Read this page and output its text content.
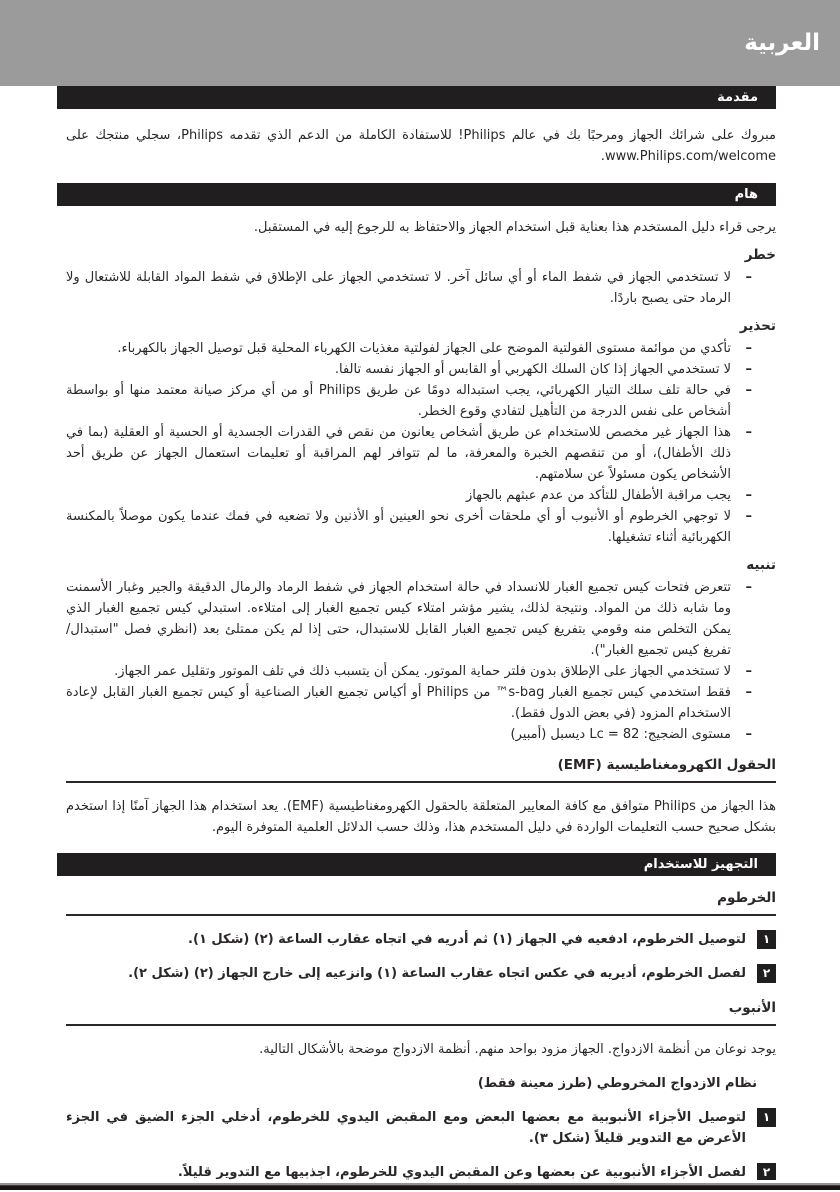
العربية
مقدمة

مبروك على شرائك الجهاز ومرحبًا بك في عالم Philips! للاستفادة الكاملة من الدعم الذي تقدمه Philips، سجلي منتجك على www.Philips.com/welcome.

هام

يرجى قراء دليل المستخدم هذا بعناية قبل استخدام الجهاز والاحتفاظ به للرجوع إليه في المستقبل.

خطر
– لا تستخدمي الجهاز في شفط الماء أو أي سائل آخر. لا تستخدمي الجهاز على الإطلاق في شفط المواد القابلة للاشتعال ولا الرماد حتى يصبح باردًا.
تحذير
– تأكدي من موائمة مستوى الفولتية الموضح على الجهاز لفولتية مغذيات الكهرباء المحلية قبل توصيل الجهاز بالكهرباء.
– لا تستخدمي الجهاز إذا كان السلك الكهربي أو القابس أو الجهاز نفسه تالفا.
– في حالة تلف سلك التيار الكهربائي، يجب استبداله دومًا عن طريق Philips أو من أي مركز صيانة معتمد منها أو بواسطة أشخاص على نفس الدرجة من التأهيل لتفادي وقوع الخطر.
– هذا الجهاز غير مخصص للاستخدام عن طريق أشخاص يعانون من نقص في القدرات الجسدية أو الحسية أو العقلية (بما في ذلك الأطفال)، أو من تنقصهم الخبرة والمعرفة، ما لم تتوافر لهم المراقبة أو تعليمات استعمال الجهاز عن طريق أحد الأشخاص يكون مسئولاً عن سلامتهم.
– يجب مراقبة الأطفال للتأكد من عدم عبثهم بالجهاز
– لا توجهي الخرطوم أو الأنبوب أو أي ملحقات أخرى نحو العينين أو الأذنين ولا تضعيه في فمك عندما يكون موصلاً بالمكنسة الكهربائية أثناء تشغيلها.
تنبيه
– تتعرض فتحات كيس تجميع الغبار للانسداد في حالة استخدام الجهاز في شفط الرماد والرمال الدقيقة والجير وغبار الأسمنت وما شابه ذلك من المواد. ونتيجة لذلك، يشير مؤشر امتلاء كيس تجميع الغبار إلى امتلاءه. استبدلي كيس تجميع الغبار الذي يمكن التخلص منه وقومي بتفريغ كيس تجميع الغبار القابل للاستبدال، حتى إذا لم يكن ممتلئ بعد (انظري فصل "استبدال/تفريغ كيس تجميع الغبار").
– لا تستخدمي الجهاز على الإطلاق بدون فلتر حماية الموتور. يمكن أن يتسبب ذلك في تلف الموتور وتقليل عمر الجهاز.
– فقط استخدمي كيس تجميع الغبار s-bag™ من Philips أو أكياس تجميع الغبار الصناعية أو كيس تجميع الغبار القابل لإعادة الاستخدام المزود (في بعض الدول فقط).
– مستوى الضجيج: Lc = 82 ديسبل (أمبير)
الحقول الكهرومغناطيسية (EMF)

هذا الجهاز من Philips متوافق مع كافة المعايير المتعلقة بالحقول الكهرومغناطيسية (EMF). يعد استخدام هذا الجهاز آمنًا إذا استخدم بشكل صحيح حسب التعليمات الواردة في دليل المستخدم هذا، وذلك حسب الدلائل العلمية المتوفرة اليوم.

التجهيز للاستخدام
الخرطوم
١
لتوصيل الخرطوم، ادفعيه في الجهاز (١) ثم أدريه في اتجاه عقارب الساعة (٢) (شكل ١).
٢
لفصل الخرطوم، أديريه في عكس اتجاه عقارب الساعة (١) وانزعيه إلى خارج الجهاز (٢) (شكل ٢).
الأنبوب

يوجد نوعان من أنظمة الازدواج. الجهاز مزود بواحد منهم. أنظمة الازدواج موضحة بالأشكال التالية.

نظام الازدواج المخروطي (طرز معينة فقط)
١
لتوصيل الأجزاء الأنبوبية مع بعضها البعض ومع المقبض اليدوي للخرطوم، أدخلي الجزء الضيق في الجزء الأعرض مع التدوير قليلاً (شكل ٣).
٢
لفصل الأجزاء الأنبوبية عن بعضها وعن المقبض اليدوي للخرطوم، اجذبيها مع التدوير قليلاً.
